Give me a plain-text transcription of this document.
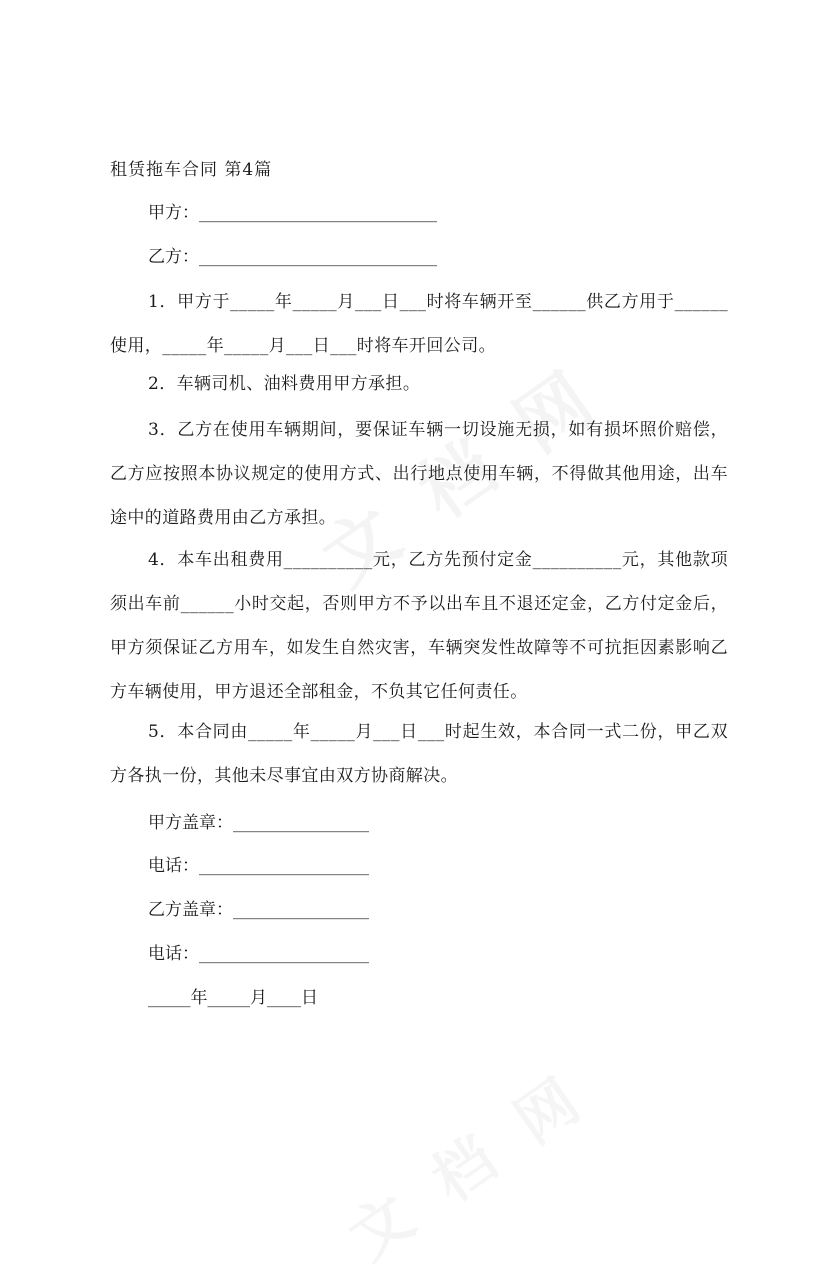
租赁拖车合同 第4篇
甲方：____________________________
乙方：____________________________
1．甲方于_____年_____月___日___时将车辆开至______供乙方用于______使用，_____年_____月___日___时将车开回公司。
2．车辆司机、油料费用甲方承担。
3．乙方在使用车辆期间，要保证车辆一切设施无损，如有损坏照价赔偿，乙方应按照本协议规定的使用方式、出行地点使用车辆，不得做其他用途，出车途中的道路费用由乙方承担。
4．本车出租费用__________元，乙方先预付定金__________元，其他款项须出车前______小时交起，否则甲方不予以出车且不退还定金，乙方付定金后，甲方须保证乙方用车，如发生自然灾害，车辆突发性故障等不可抗拒因素影响乙方车辆使用，甲方退还全部租金，不负其它任何责任。
5．本合同由_____年_____月___日___时起生效，本合同一式二份，甲乙双方各执一份，其他未尽事宜由双方协商解决。
甲方盖章：________________
电话：____________________
乙方盖章：________________
电话：____________________
_____年_____月____日
